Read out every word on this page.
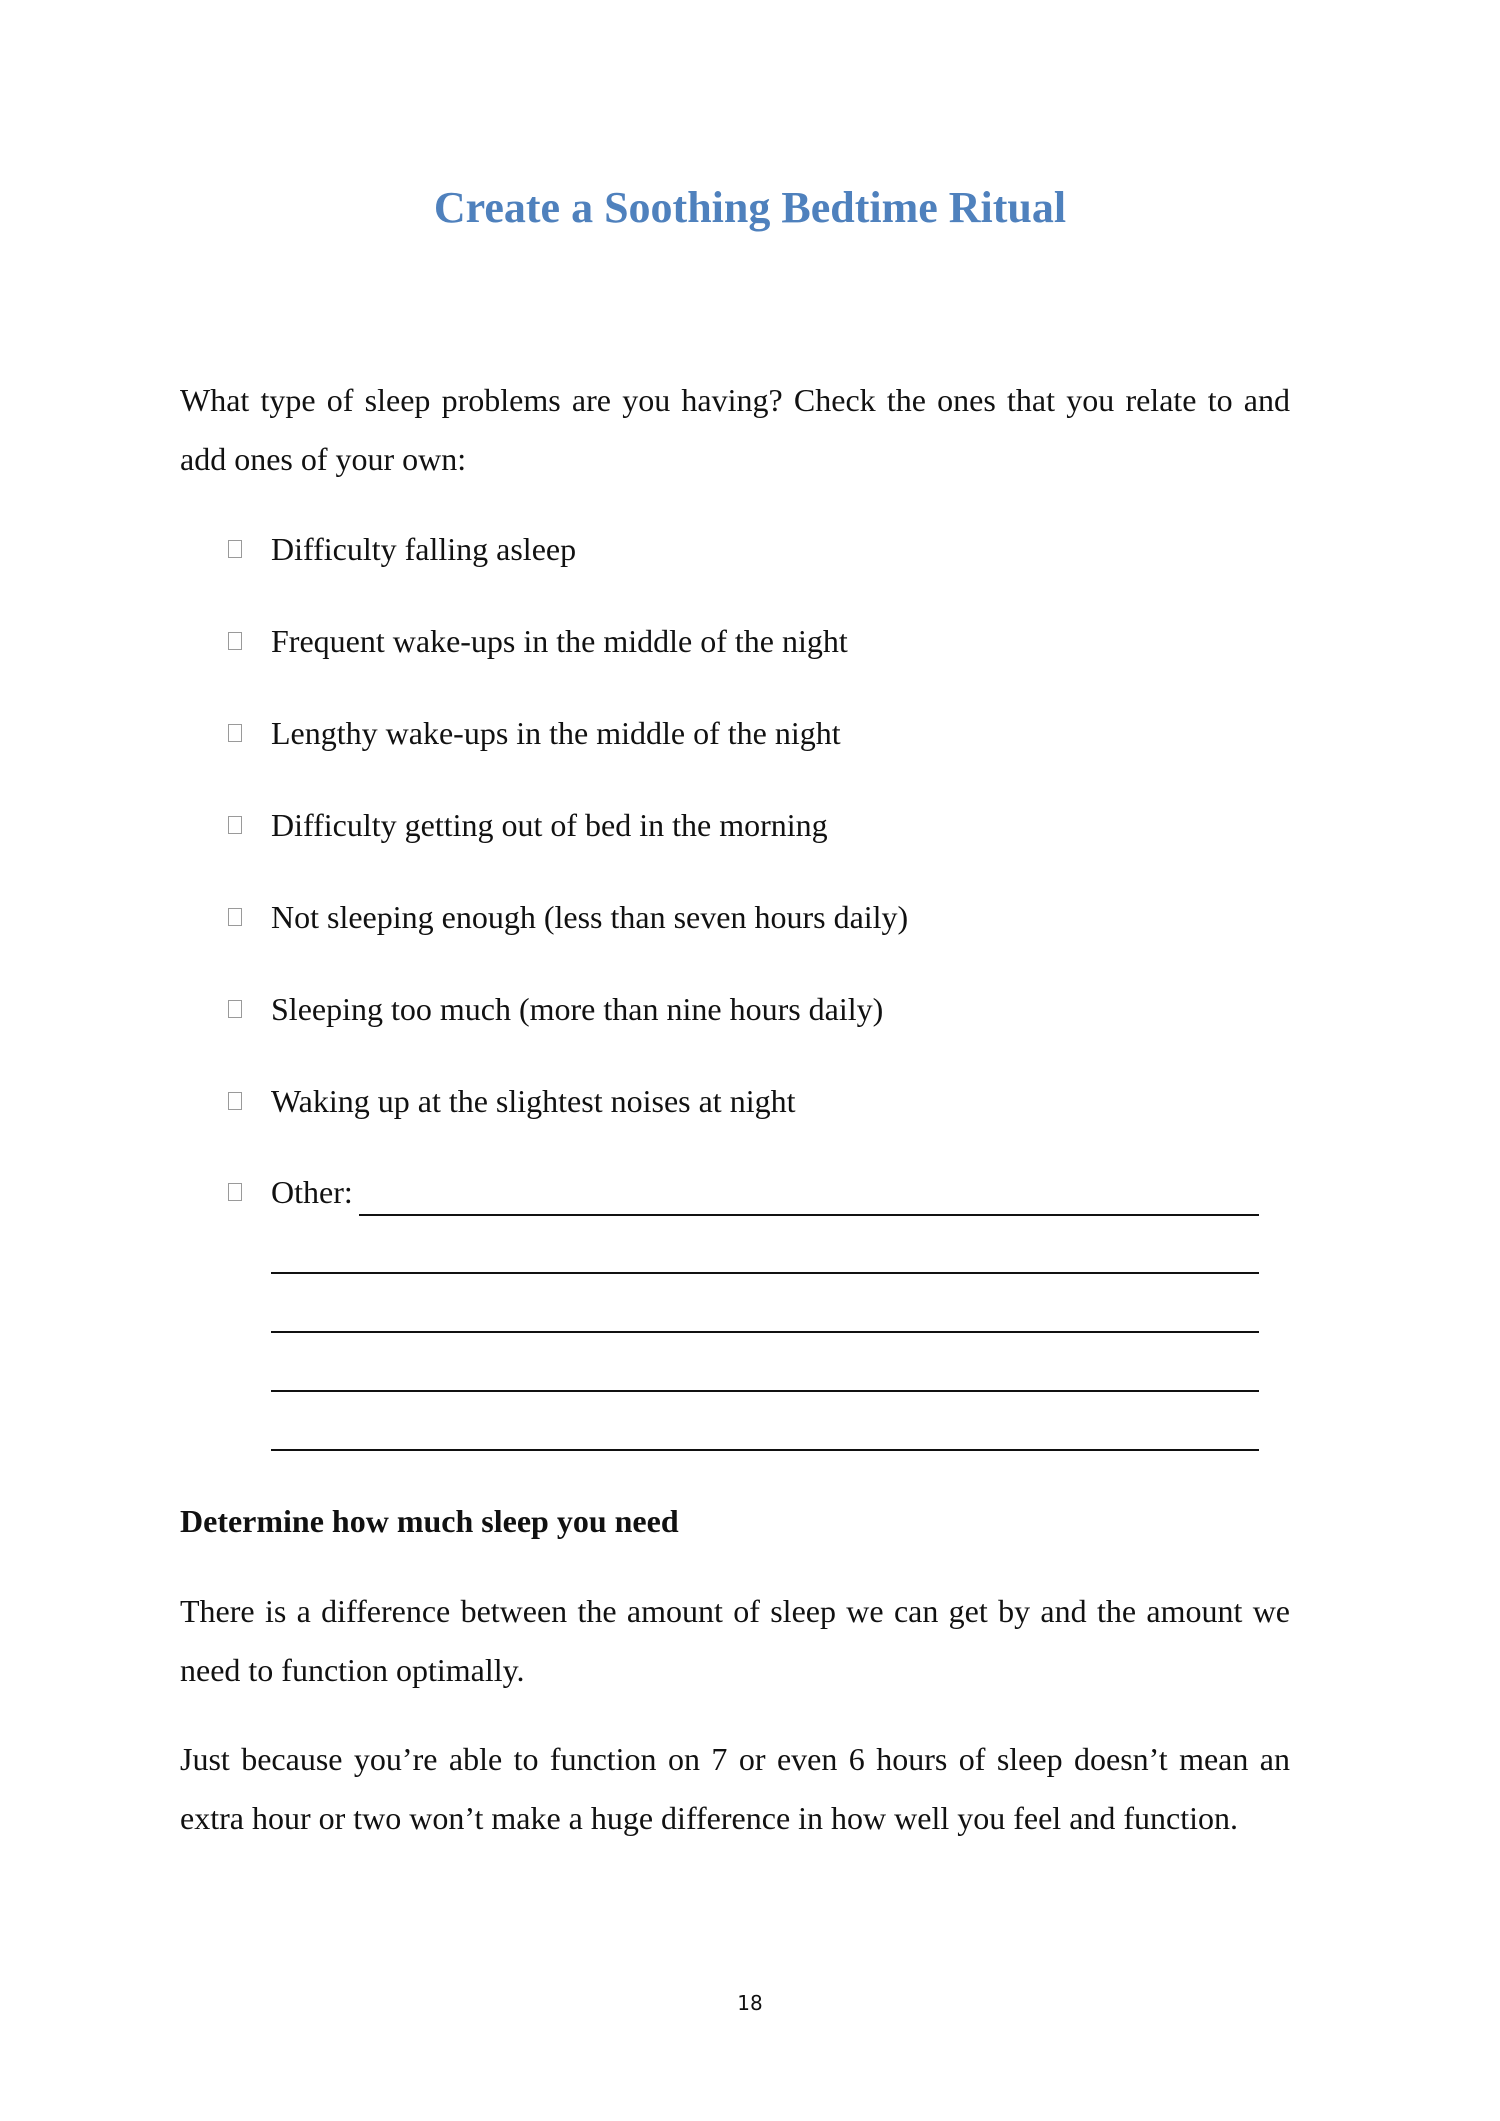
Create a Soothing Bedtime Ritual

What type of sleep problems are you having? Check the ones that you relate to and add ones of your own:

Difficulty falling asleep
Frequent wake-ups in the middle of the night
Lengthy wake-ups in the middle of the night
Difficulty getting out of bed in the morning
Not sleeping enough (less than seven hours daily)
Sleeping too much (more than nine hours daily)
Waking up at the slightest noises at night
Other:
Determine how much sleep you need

There is a difference between the amount of sleep we can get by and the amount we need to function optimally.

Just because you’re able to function on 7 or even 6 hours of sleep doesn’t mean an extra hour or two won’t make a huge difference in how well you feel and function.

18
